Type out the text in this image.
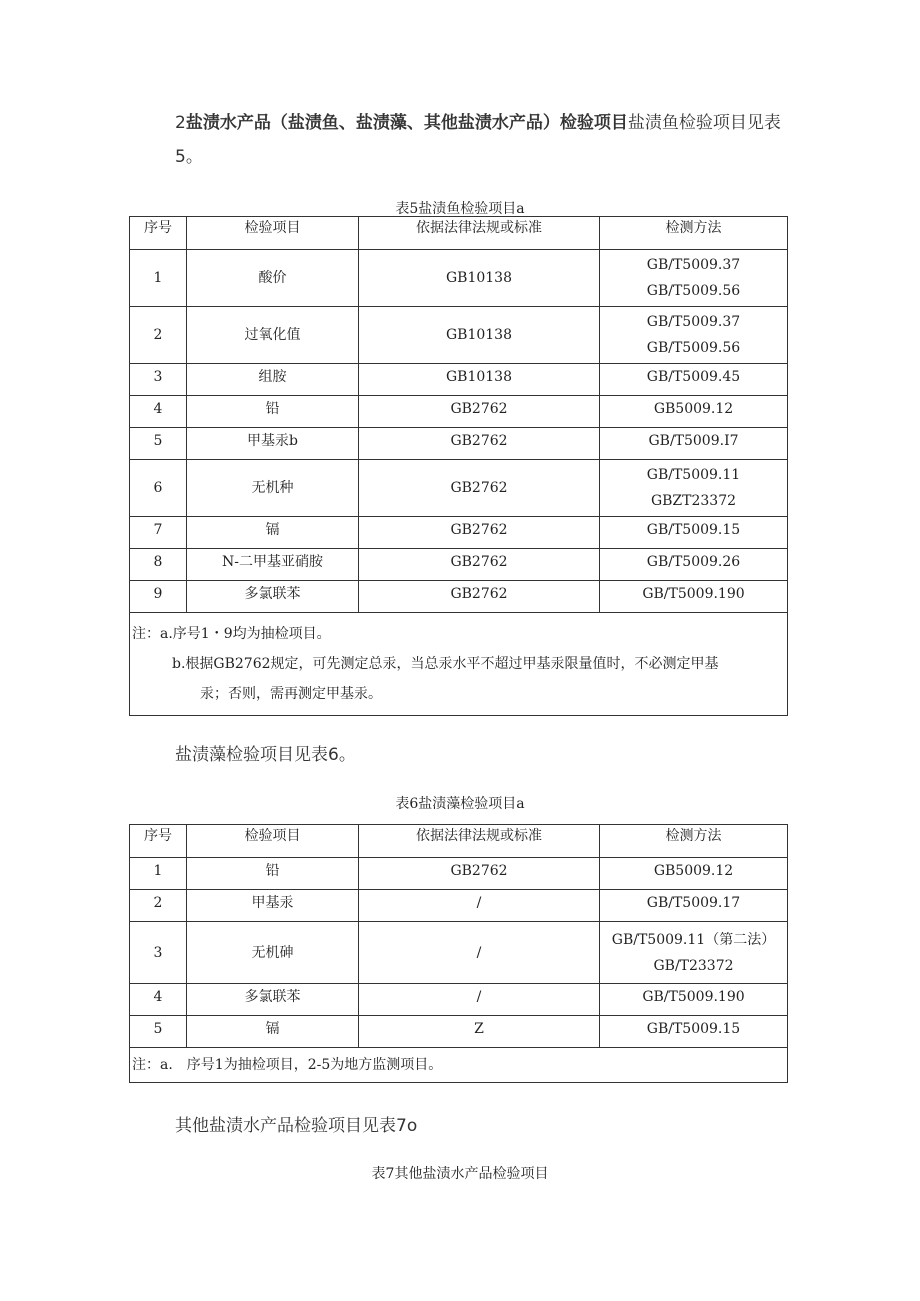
2盐渍水产品（盐渍鱼、盐渍藻、其他盐渍水产品）检验项目盐渍鱼检验项目见表5。
表5盐渍鱼检验项目a
序号	检验项目	依据法律法规或标准	检测方法
1	酸价	GB10138	GB/T5009.37
GB/T5009.56

2	过氧化值	GB10138	GB/T5009.37
GB/T5009.56

3	组胺	GB10138	GB/T5009.45

4	铅	GB2762	GB5009.12

5	甲基汞b	GB2762	GB/T5009.I7

6	无机种	GB2762	GB/T5009.11
GBZT23372

7	镉	GB2762	GB/T5009.15

8	N-二甲基亚硝胺	GB2762	GB/T5009.26

9	多氯联苯	GB2762	GB/T5009.190

注：a.序号1・9均为抽检项目。
b.根据GB2762规定，可先测定总汞，当总汞水平不超过甲基汞限量值时，不必测定甲基
汞；否则，需再测定甲基汞。			
盐渍藻检验项目见表6。
表6盐渍藻检验项目a
序号	检验项目	依据法律法规或标准	检测方法
1	铅	GB2762	GB5009.12

2	甲基汞	/	GB/T5009.17

3	无机砷	/	GB/T5009.11（第二法）
GB/T23372

4	多氯联苯	/	GB/T5009.190

5	镉	Z	GB/T5009.15

注：a.　序号1为抽检项目，2-5为地方监测项目。			
其他盐渍水产品检验项目见表7o
表7其他盐渍水产品检验项目
